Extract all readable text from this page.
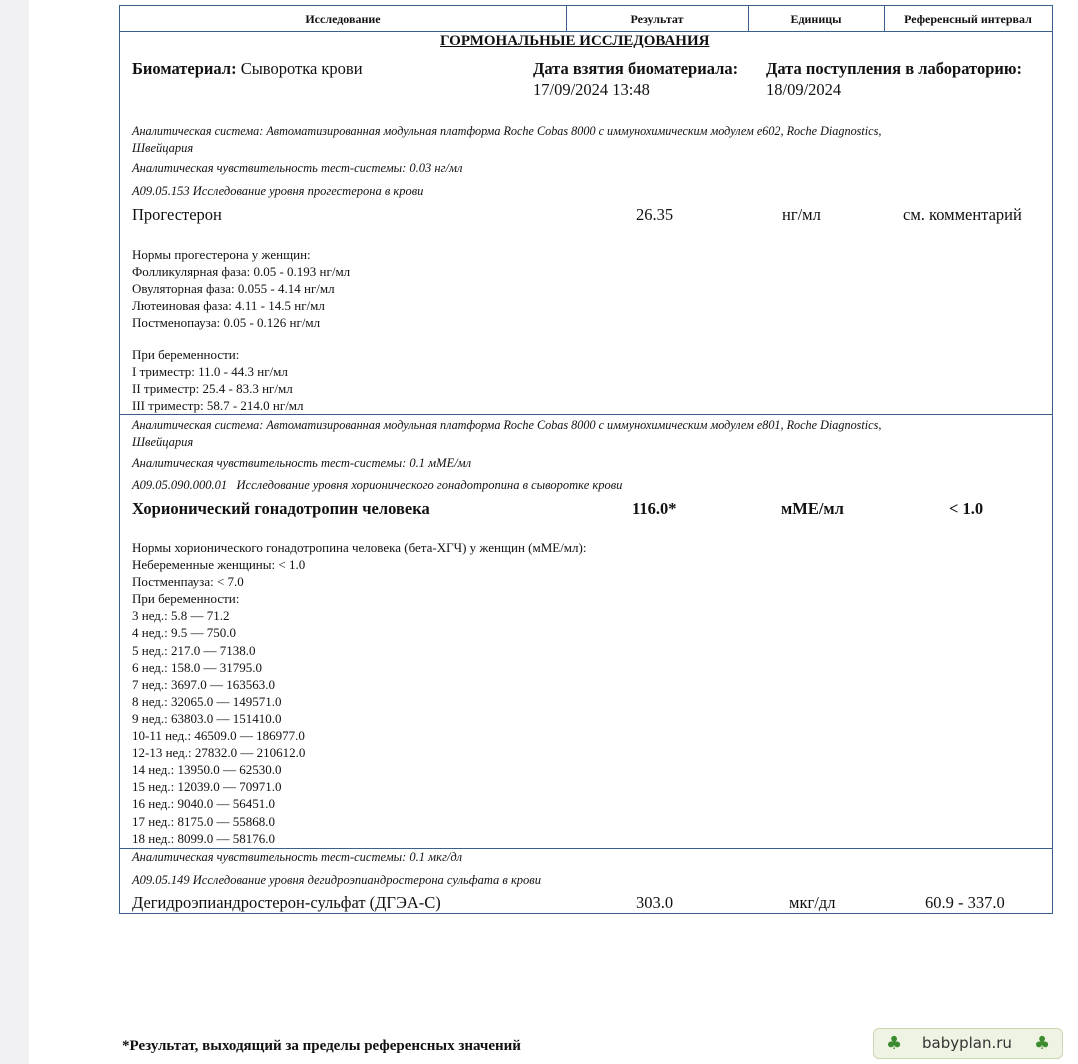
Исследование	Результат	Единицы	Референсный интервал
ГОРМОНАЛЬНЫЕ ИССЛЕДОВАНИЯ
Биоматериал: Сыворотка крови	Дата взятия биоматериала:
17/09/2024 13:48
Дата поступления в лабораторию:
18/09/2024
Аналитическая система: Автоматизированная модульная платформа Roche Cobas 8000 с иммунохимическим модулем e602, Roche Diagnostics,
Швейцария
Аналитическая чувствительность тест-системы: 0.03 нг/мл
A09.05.153 Исследование уровня прогестерона в крови
Прогестерон	26.35	нг/мл	см. комментарий
Нормы прогестерона у женщин:
Фолликулярная фаза: 0.05 - 0.193 нг/мл
Овуляторная фаза: 0.055 - 4.14 нг/мл
Лютеиновая фаза: 4.11 - 14.5 нг/мл
Постменопауза: 0.05 - 0.126 нг/мл
При беременности:
I триместр: 11.0 - 44.3 нг/мл
II триместр: 25.4 - 83.3 нг/мл
III триместр: 58.7 - 214.0 нг/мл
Аналитическая система: Автоматизированная модульная платформа Roche Cobas 8000 с иммунохимическим модулем e801, Roche Diagnostics,
Швейцария
Аналитическая чувствительность тест-системы: 0.1 мМЕ/мл
A09.05.090.000.01   Исследование уровня хорионического гонадотропина в сыворотке крови
Хорионический гонадотропин человека	116.0*	мМЕ/мл	< 1.0
Нормы хорионического гонадотропина человека (бета-ХГЧ) у женщин (мМЕ/мл):
Небеременные женщины: < 1.0
Постменпауза: < 7.0
При беременности:
3 нед.: 5.8 — 71.2
4 нед.: 9.5 — 750.0
5 нед.: 217.0 — 7138.0
6 нед.: 158.0 — 31795.0
7 нед.: 3697.0 — 163563.0
8 нед.: 32065.0 — 149571.0
9 нед.: 63803.0 — 151410.0
10-11 нед.: 46509.0 — 186977.0
12-13 нед.: 27832.0 — 210612.0
14 нед.: 13950.0 — 62530.0
15 нед.: 12039.0 — 70971.0
16 нед.: 9040.0 — 56451.0
17 нед.: 8175.0 — 55868.0
18 нед.: 8099.0 — 58176.0
Аналитическая чувствительность тест-системы: 0.1 мкг/дл
A09.05.149 Исследование уровня дегидроэпиандростерона сульфата в крови
Дегидроэпиандростерон-сульфат (ДГЭА-С)	303.0	мкг/дл	60.9 - 337.0
*Результат, выходящий за пределы референсных значений	♣ babyplan.ru ♣
